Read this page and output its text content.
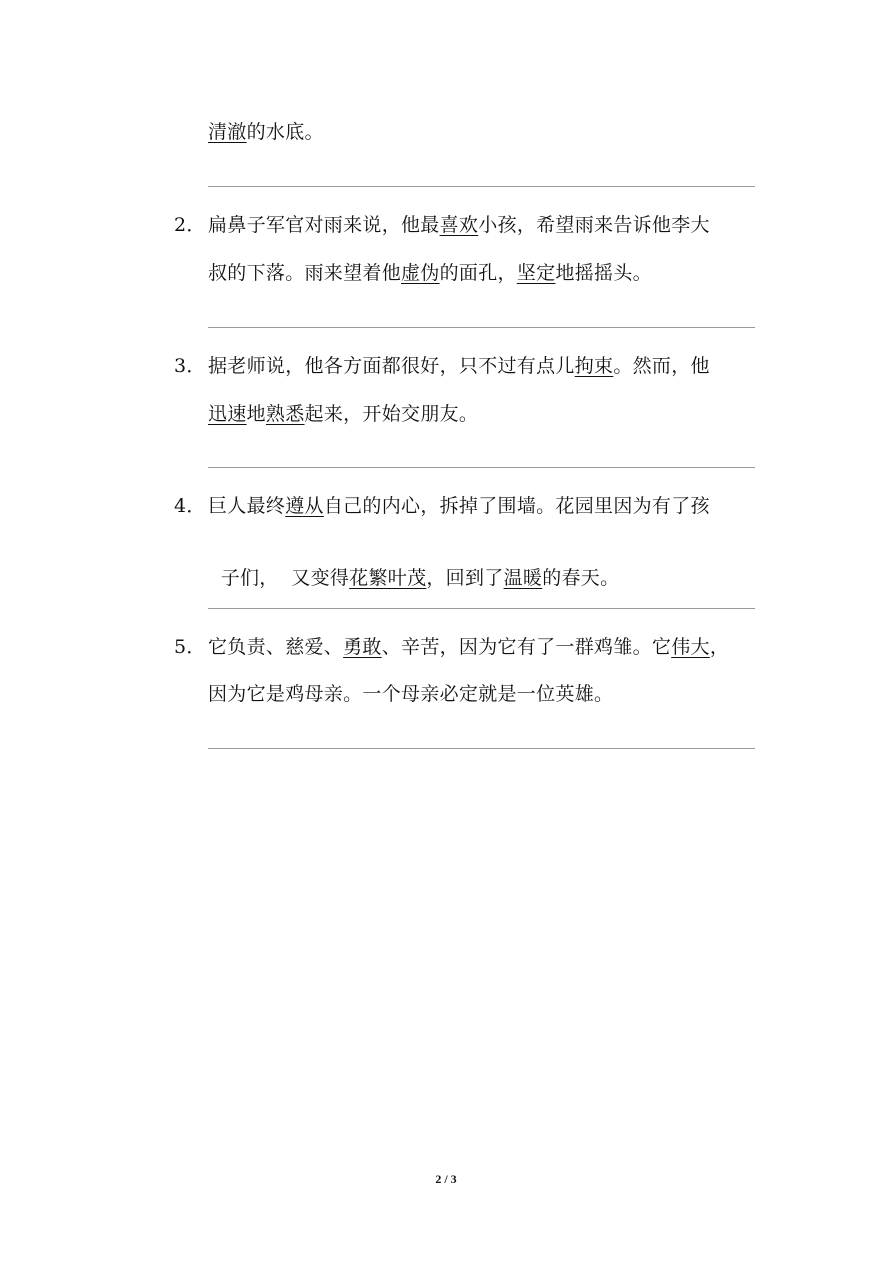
清澈的水底。
2． 扁鼻子军官对雨来说，他最喜欢小孩，希望雨来告诉他李大
叔的下落。雨来望着他虚伪的面孔，坚定地摇摇头。
3． 据老师说，他各方面都很好，只不过有点儿拘束。然而，他
迅速地熟悉起来，开始交朋友。
4． 巨人最终遵从自己的内心，拆掉了围墙。花园里因为有了孩

子们，  又变得花繁叶茂，回到了温暖的春天。

5． 它负责、慈爱、勇敢、辛苦，因为它有了一群鸡雏。它伟大，
因为它是鸡母亲。一个母亲必定就是一位英雄。
2 / 3
